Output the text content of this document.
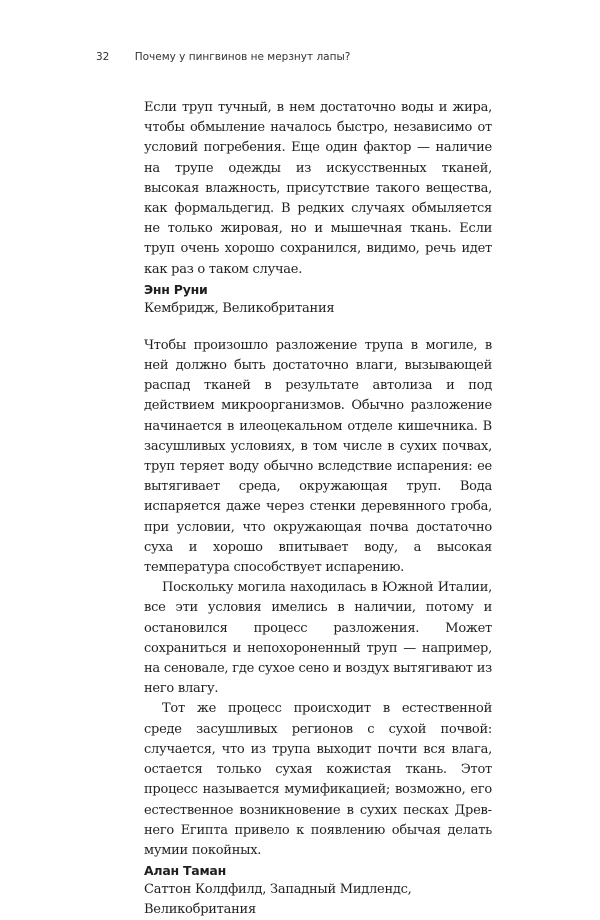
32 Почему у пингвинов не мерзнут лапы?

Если труп тучный, в нем достаточно воды и жира, чтобы обмыление началось быстро, независимо от условий погребения. Еще один фактор — наличие на трупе одежды из искусственных тканей, высокая влажность, присутствие такого вещества, как формальдегид. В редких случаях обмыляется не только жировая, но и мышечная ткань. Если труп очень хорошо сохранился, видимо, речь идет как раз о таком случае.

Энн Руни

Кембридж, Великобритания

Чтобы произошло разложение трупа в могиле, в ней должно быть достаточно влаги, вызывающей распад тканей в результате автолиза и под действием микроорганизмов. Обычно разложение начинается в илеоцекальном отделе кишечника. В засушливых условиях, в том числе в сухих почвах, труп теряет воду обычно вследствие испарения: ее вытягивает среда, окружающая труп. Вода испаряется даже через стенки деревянного гроба, при условии, что окружающая почва достаточно суха и хорошо впитывает воду, а высокая температура способствует испарению.

Поскольку могила находилась в Южной Италии, все эти условия имелись в наличии, потому и остановился процесс разложения. Может сохраниться и непохороненный труп — например, на сеновале, где сухое сено и воздух вытягивают из него влагу.

Тот же процесс происходит в естественной среде засушливых регионов с сухой почвой: случается, что из трупа выходит почти вся влага, остается только сухая кожистая ткань. Этот процесс называется мумификацией; возможно, его естественное возникновение в сухих песках Древнего Египта привело к появлению обычая делать мумии покойных.

Алан Таман

Саттон Колдфилд, Западный Мидлендс, Великобритания
